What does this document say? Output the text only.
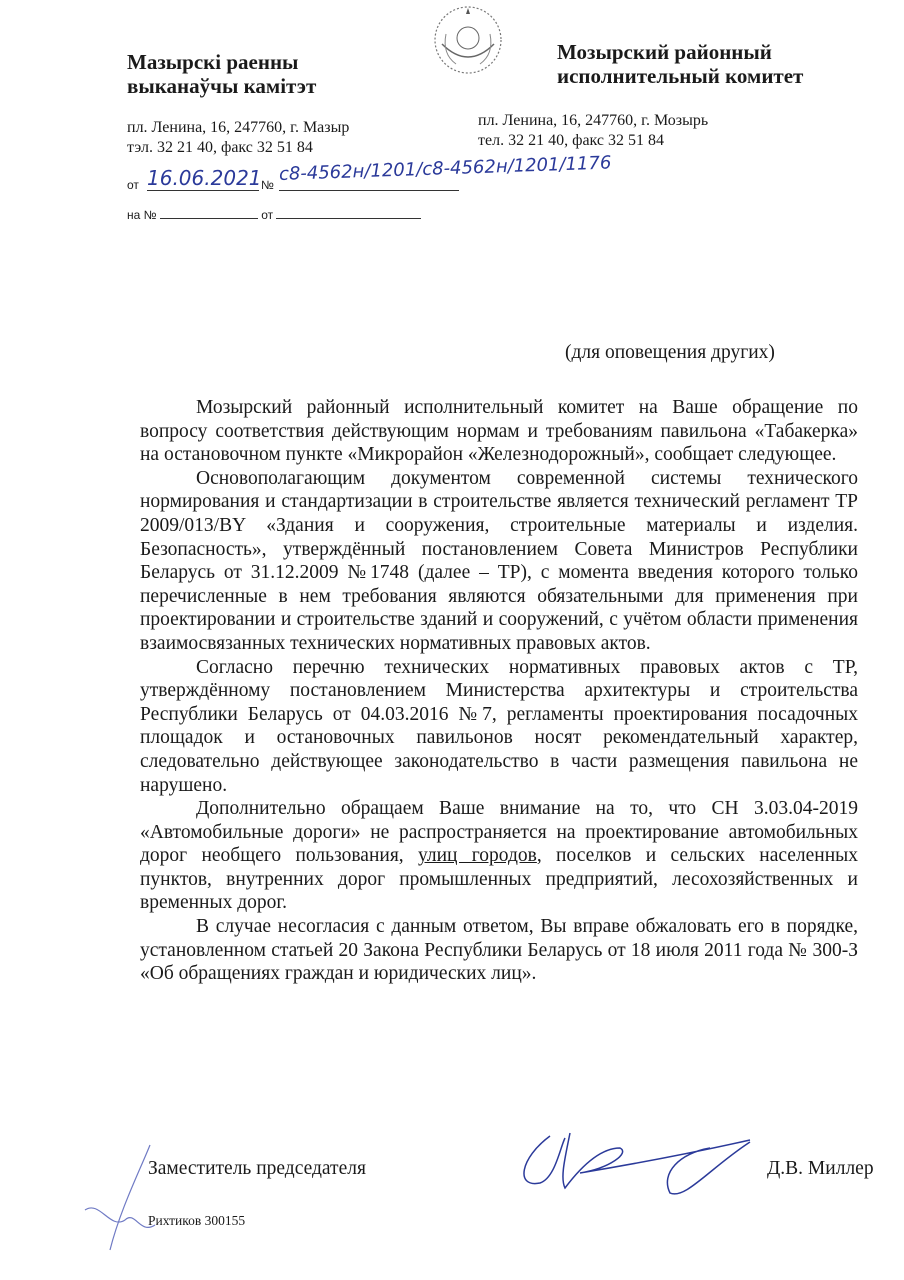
Мазырскі раенны
выканаўчы камітэт
Мозырский районный
исполнительный комитет
пл. Ленина, 16, 247760, г. Мазыр
тэл. 32 21 40, факс 32 51 84
пл. Ленина, 16, 247760, г. Мозырь
тел. 32 21 40, факс 32 51 84
от 16.06.2021 №
с8-4562н/1201/с8-4562н/1201/1176
на №	от
(для оповещения других)

Мозырский районный исполнительный комитет на Ваше обращение по вопросу соответствия действующим нормам и требованиям павильона «Табакерка» на остановочном пункте «Микрорайон «Железнодорожный», сообщает следующее.

Основополагающим документом современной системы технического нормирования и стандартизации в строительстве является технический регламент ТР 2009/013/BY «Здания и сооружения, строительные материалы и изделия. Безопасность», утверждённый постановлением Совета Министров Республики Беларусь от 31.12.2009 №1748 (далее – ТР), с момента введения которого только перечисленные в нем требования являются обязательными для применения при проектировании и строительстве зданий и сооружений, с учётом области применения взаимосвязанных технических нормативных правовых актов.

Согласно перечню технических нормативных правовых актов с ТР, утверждённому постановлением Министерства архитектуры и строительства Республики Беларусь от 04.03.2016 №7, регламенты проектирования посадочных площадок и остановочных павильонов носят рекомендательный характер, следовательно действующее законодательство в части размещения павильона не нарушено.

Дополнительно обращаем Ваше внимание на то, что СН 3.03.04-2019 «Автомобильные дороги» не распространяется на проектирование автомобильных дорог необщего пользования, улиц городов, поселков и сельских населенных пунктов, внутренних дорог промышленных предприятий, лесохозяйственных и временных дорог.

В случае несогласия с данным ответом, Вы вправе обжаловать его в порядке, установленном статьей 20 Закона Республики Беларусь от 18 июля 2011 года № 300-З «Об обращениях граждан и юридических лиц».

Заместитель председателя	Д.В. Миллер
Рихтиков 300155
